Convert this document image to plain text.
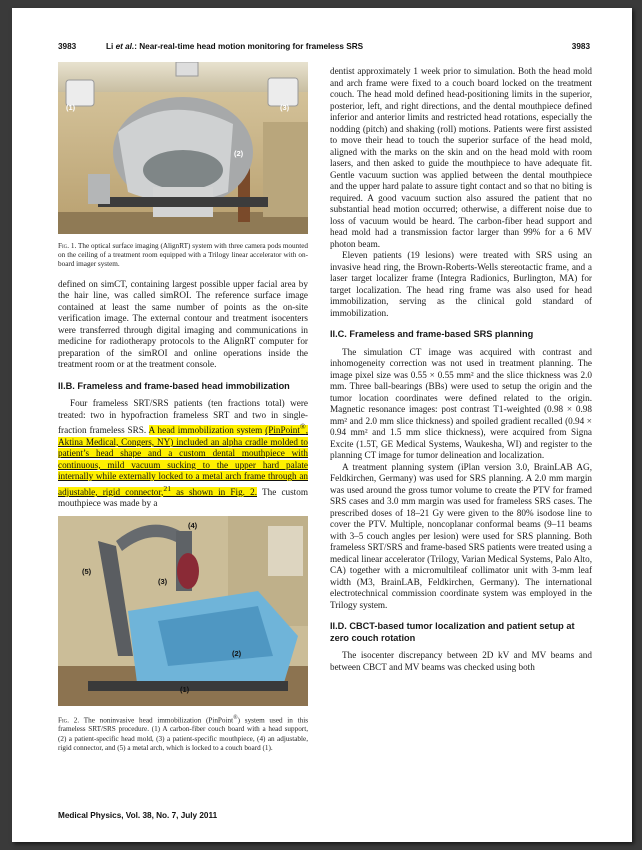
3983	Li et al.: Near-real-time head motion monitoring for frameless SRS	3983
(1)	(3)
(2)

Fig. 1. The optical surface imaging (AlignRT) system with three camera pods mounted on the ceiling of a treatment room equipped with a Trilogy linear accelerator with on-board imager system.

defined on simCT, containing largest possible upper facial area by the hair line, was called simROI. The reference surface image contained at least the same number of points as the on-site verification image. The external contour and treatment isocenters were transferred through digital imaging and communications in medicine for radiotherapy protocols to the AlignRT computer for preparation of the simROI and online operations inside the treatment room or at the treatment console.

II.B. Frameless and frame-based head immobilization

Four frameless SRT/SRS patients (ten fractions total) were treated: two in hypofraction frameless SRT and two in single-fraction frameless SRS. A head immobilization system (PinPoint®, Aktina Medical, Congers, NY) included an alpha cradle molded to patient’s head shape and a custom dental mouthpiece with continuous, mild vacuum sucking to the upper hard palate internally while externally locked to a metal arch frame through an adjustable, rigid connector,$^{21}$ as shown in Fig. 2. The custom mouthpiece was made by a

(4)
(5)
(3)
(2)
(1)

Fig. 2. The noninvasive head immobilization (PinPoint®) system used in this frameless SRT/SRS procedure. (1) A carbon-fiber couch board with a head support, (2) a patient-specific head mold, (3) a patient-specific mouthpiece, (4) an adjustable, rigid connector, and (5) a metal arch, which is locked to a couch board (1).

dentist approximately 1 week prior to simulation. Both the head mold and arch frame were fixed to a couch board locked on the treatment couch. The head mold defined head-positioning limits in the superior, posterior, left, and right directions, and the dental mouthpiece defined inferior and anterior limits and restricted head rotations, especially the nodding (pitch) and shaking (roll) motions. Patients were first assisted to move their head to touch the superior surface of the head mold, aligned with the marks on the skin and on the head mold with room lasers, and then asked to guide the mouthpiece to have adequate fit. Gentle vacuum suction was applied between the dental mouthpiece and the upper hard palate to assure tight contact and so that no biting is required. A good vacuum suction also assured the patient that no substantial head motion occurred; otherwise, a different noise due to loss of vacuum would be heard. The carbon-fiber head support and head mold had a transmission factor larger than 99% for a 6 MV photon beam.

Eleven patients (19 lesions) were treated with SRS using an invasive head ring, the Brown-Roberts-Wells stereotactic frame, and a laser target localizer frame (Integra Radionics, Burlington, MA) for target localization. The head ring frame was also used for head immobilization, serving as the clinical gold standard of immobilization.

II.C. Frameless and frame-based SRS planning

The simulation CT image was acquired with contrast and inhomogeneity correction was not used in treatment planning. The image pixel size was 0.55 × 0.55 mm² and the slice thickness was 2.0 mm. Three ball-bearings (BBs) were used to setup the origin and the tumor location coordinates were defined related to the origin. Magnetic resonance images: post contrast T1-weighted (0.98 × 0.98 mm² and 2.0 mm slice thickness) and spoiled gradient recalled (0.94 × 0.94 mm² and 1.5 mm slice thickness), were acquired from Signa Excite (1.5T, GE Medical Systems, Waukesha, WI) and register to the planning CT image for tumor delineation and localization.

A treatment planning system (iPlan version 3.0, BrainLAB AG, Feldkirchen, Germany) was used for SRS planning. A 2.0 mm margin was used around the gross tumor volume to create the PTV for framed SRS cases and 3.0 mm margin was used for frameless SRS cases. The prescribed doses of 18–21 Gy were given to the 80% isodose line to cover the PTV. Multiple, noncoplanar conformal beams (9–11 beams with 3–5 couch angles per lesion) were used for SRS planning. Both frameless SRT/SRS and frame-based SRS patients were treated using a medical linear accelerator (Trilogy, Varian Medical Systems, Palo Alto, CA) together with a micromultileaf collimator unit with 3-mm leaf width (M3, BrainLAB, Feldkirchen, Germany). The international electrotechnical commission coordinate system was employed in the Trilogy system.

II.D. CBCT-based tumor localization and patient setup at zero couch rotation

The isocenter discrepancy between 2D kV and MV beams and between CBCT and MV beams was checked using both

Medical Physics, Vol. 38, No. 7, July 2011
